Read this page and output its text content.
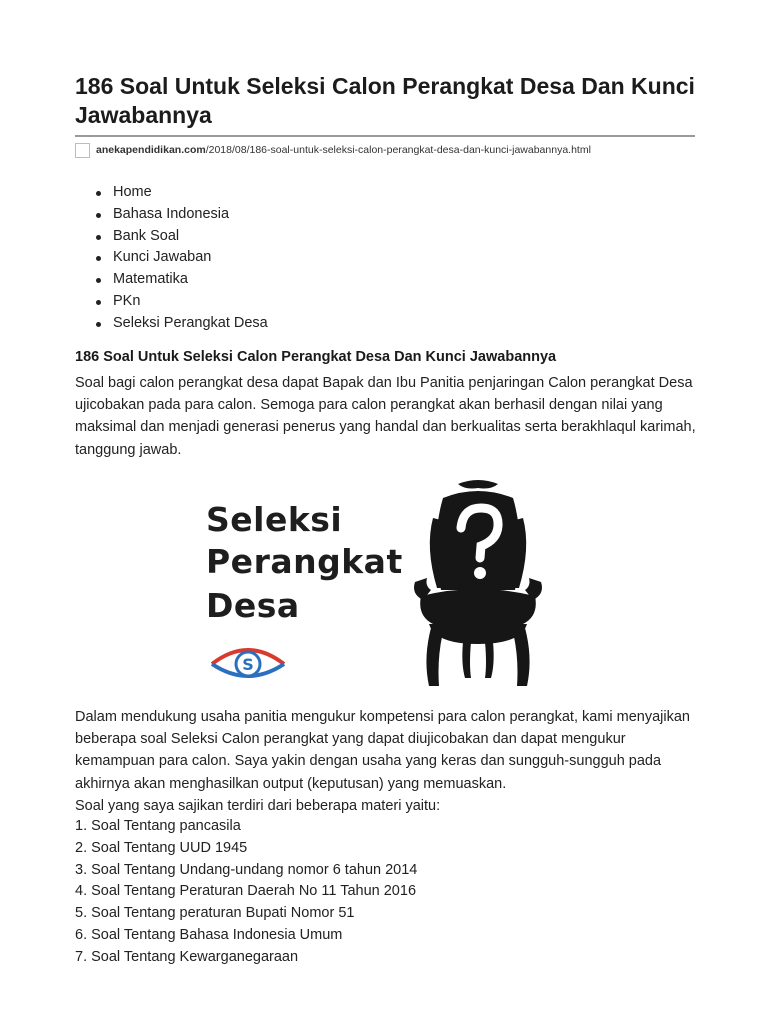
186 Soal Untuk Seleksi Calon Perangkat Desa Dan Kunci Jawabannya
anekapendidikan.com/2018/08/186-soal-untuk-seleksi-calon-perangkat-desa-dan-kunci-jawabannya.html
Home
Bahasa Indonesia
Bank Soal
Kunci Jawaban
Matematika
PKn
Seleksi Perangkat Desa
186 Soal Untuk Seleksi Calon Perangkat Desa Dan Kunci Jawabannya

Soal bagi calon perangkat desa dapat Bapak dan Ibu Panitia penjaringan Calon perangkat Desa ujicobakan pada para calon. Semoga para calon perangkat akan berhasil dengan nilai yang maksimal dan menjadi generasi penerus yang handal dan berkualitas serta berakhlaqul karimah, tanggung jawab.

Seleksi
Perangkat
Desa
S

Dalam mendukung usaha panitia mengukur kompetensi para calon perangkat, kami menyajikan beberapa soal Seleksi Calon perangkat yang dapat diujicobakan dan dapat mengukur kemampuan para calon. Saya yakin dengan usaha yang keras dan sungguh-sungguh pada akhirnya akan menghasilkan output (keputusan) yang memuaskan.
Soal yang saya sajikan terdiri dari beberapa materi yaitu:

1. Soal Tentang pancasila
2. Soal Tentang UUD 1945
3. Soal Tentang Undang-undang nomor 6 tahun 2014
4. Soal Tentang Peraturan Daerah No 11 Tahun 2016
5. Soal Tentang peraturan Bupati Nomor 51
6. Soal Tentang Bahasa Indonesia Umum
7. Soal Tentang Kewarganegaraan
